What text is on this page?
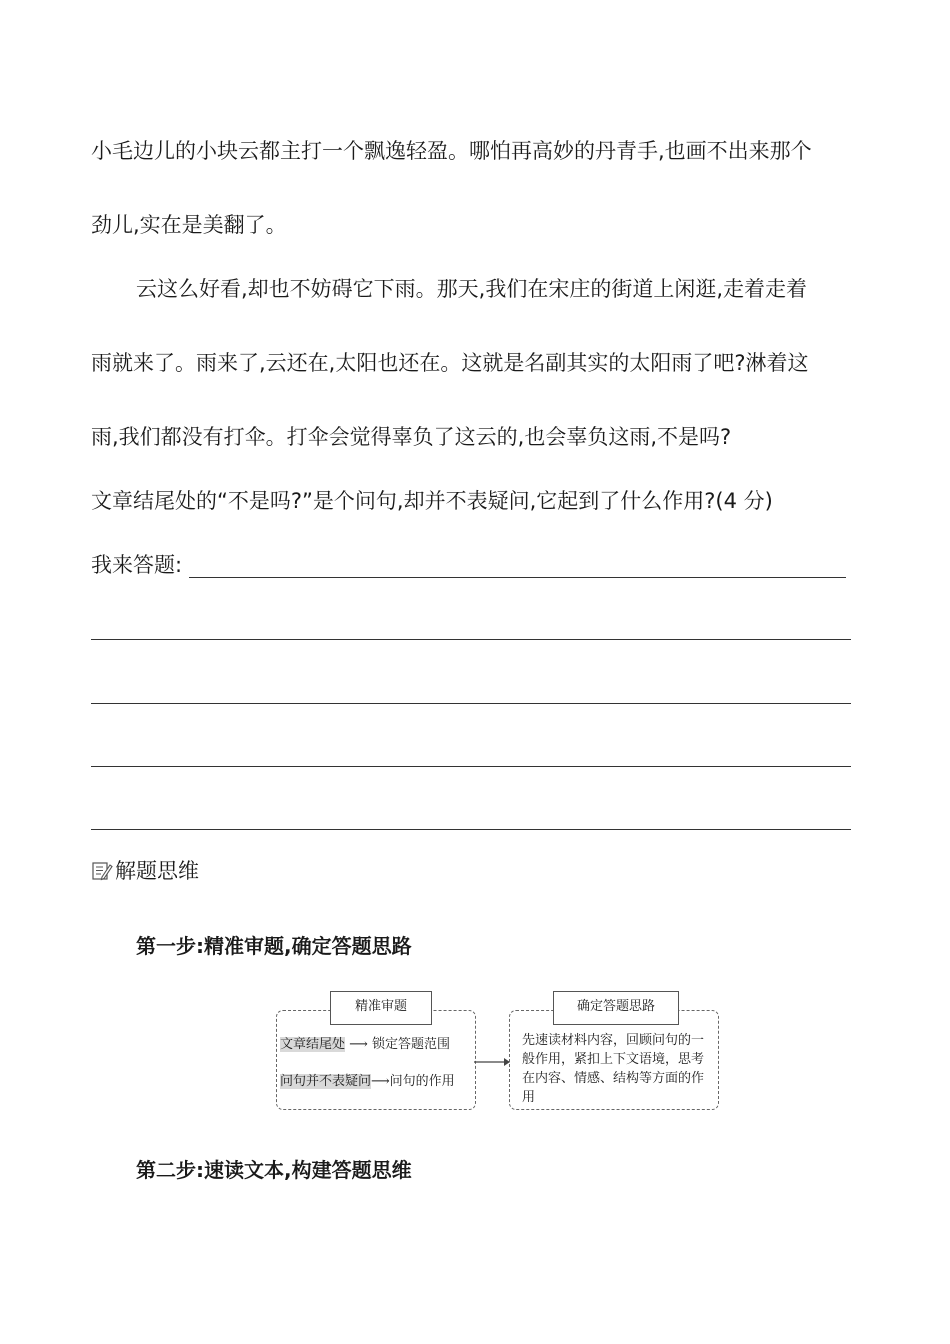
小毛边儿的小块云都主打一个飘逸轻盈。哪怕再高妙的丹青手,也画不出来那个
劲儿,实在是美翻了。
云这么好看,却也不妨碍它下雨。那天,我们在宋庄的街道上闲逛,走着走着
雨就来了。雨来了,云还在,太阳也还在。这就是名副其实的太阳雨了吧?淋着这
雨,我们都没有打伞。打伞会觉得辜负了这云的,也会辜负这雨,不是吗?
文章结尾处的“不是吗?”是个问句,却并不表疑问,它起到了什么作用?(4 分)
我来答题:
解题思维
第一步:精准审题,确定答题思路
精准审题
文章结尾处 ⟶ 锁定答题范围
问句并不表疑问⟶问句的作用
确定答题思路
先速读材料内容，回顾问句的一般作用，紧扣上下文语境，思考在内容、情感、结构等方面的作用
第二步:速读文本,构建答题思维
